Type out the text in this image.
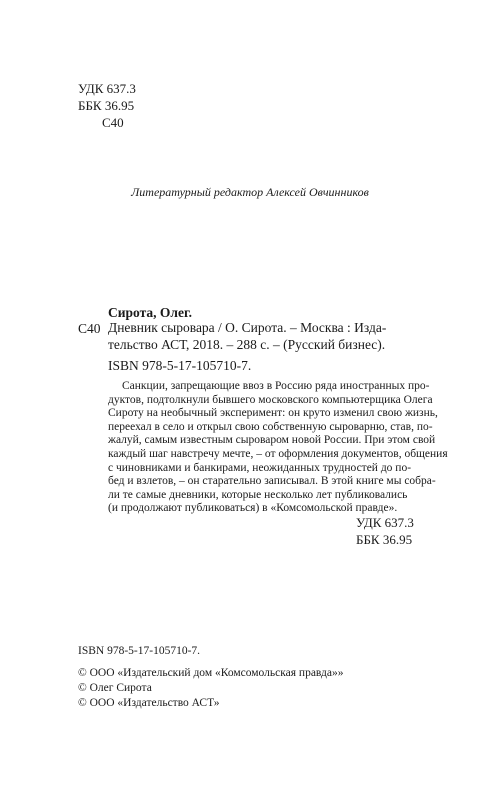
УДК 637.3
ББК 36.95
С40
Литературный редактор Алексей Овчинников
Сирота, Олег.
С40 Дневник сыровара / О. Сирота. – Москва : Изда-
тельство АСТ, 2018. – 288 с. – (Русский бизнес).
ISBN 978-5-17-105710-7.
Санкции, запрещающие ввоз в Россию ряда иностранных про-
дуктов, подтолкнули бывшего московского компьютерщика Олега
Сироту на необычный эксперимент: он круто изменил свою жизнь,
переехал в село и открыл свою собственную сыроварню, став, по-
жалуй, самым известным сыроваром новой России. При этом свой
каждый шаг навстречу мечте, – от оформления документов, общения
с чиновниками и банкирами, неожиданных трудностей до по-
бед и взлетов, – он старательно записывал. В этой книге мы собра-
ли те самые дневники, которые несколько лет публиковались
(и продолжают публиковаться) в «Комсомольской правде».
УДК 637.3
ББК 36.95
ISBN 978-5-17-105710-7.
© ООО «Издательский дом «Комсомольская правда»»
© Олег Сирота
© ООО «Издательство АСТ»
